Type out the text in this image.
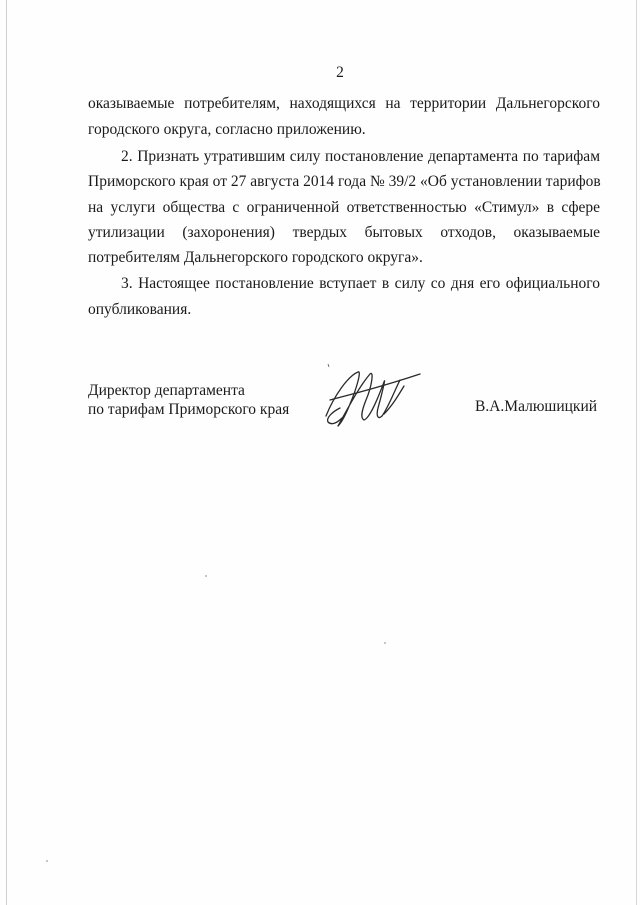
2
оказываемые потребителям, находящихся на территории Дальнегорского
городского округа, согласно приложению.
2. Признать утратившим силу постановление департамента по тарифам
Приморского края от 27 августа 2014 года № 39/2 «Об установлении тарифов
на услуги общества с ограниченной ответственностью «Стимул» в сфере
утилизации (захоронения) твердых бытовых отходов, оказываемые
потребителям Дальнегорского городского округа».
3. Настоящее постановление вступает в силу со дня его официального
опубликования.
Директор департамента
по тарифам Приморского края	В.А.Малюшицкий
